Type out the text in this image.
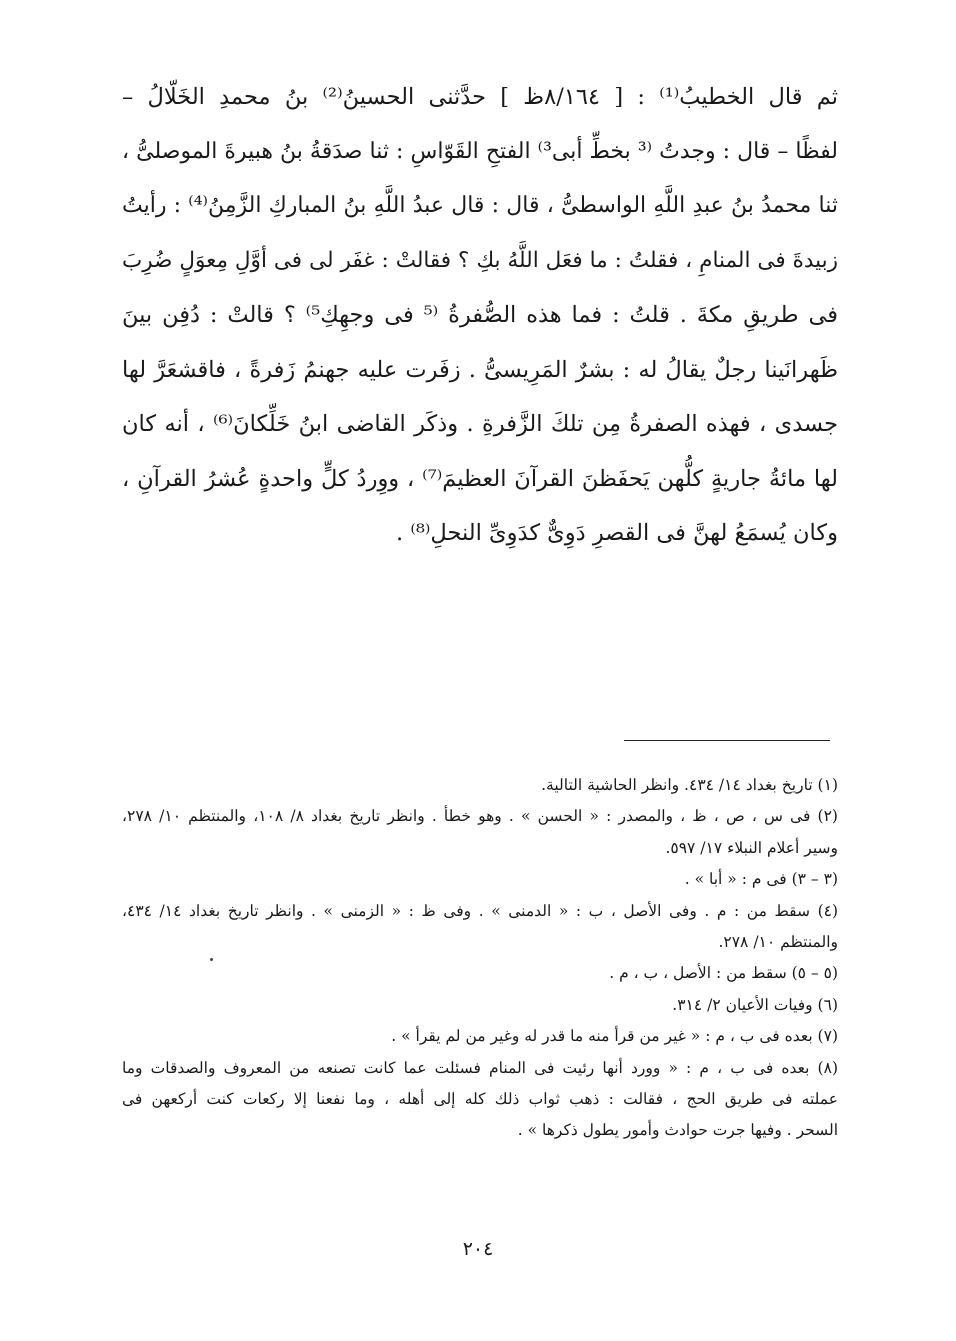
ثم قال الخطيبُ⁽¹⁾ : [ ٨/١٦٤ظ ] حدَّثنى الحسينُ⁽²⁾ بنُ محمدِ الخَلّالُ –
لفظًا – قال : وجدتُ ⁽³ بخطِّ أبى³⁾ الفتحِ القَوّاسِ : ثنا صدَقةُ بنُ هبيرةَ الموصلىُّ ،
ثنا محمدُ بنُ عبدِ اللَّهِ الواسطىُّ ، قال : قال عبدُ اللَّهِ بنُ المباركِ الزَّمِنُ⁽⁴⁾ : رأيتُ
زبيدةَ فى المنامِ ، فقلتُ : ما فعَل اللَّهُ بكِ ؟ فقالتْ : غفَر لى فى أوَّلِ مِعوَلٍ ضُرِبَ
فى طريقِ مكةَ . قلتُ : فما هذه الصُّفرةُ ⁽⁵ فى وجهِكِ⁵⁾ ؟ قالتْ : دُفِن بينَ
ظَهرانَينا رجلٌ يقالُ له : بشرٌ المَرِيسىُّ . زفَرت عليه جهنمُ زَفرةً ، فاقشعَرَّ لها
جسدى ، فهذه الصفرةُ مِن تلكَ الزَّفرةِ . وذكَر القاضى ابنُ خَلِّكانَ⁽⁶⁾ ، أنه كان
لها مائةُ جاريةٍ كلُّهن يَحفَظنَ القرآنَ العظيمَ⁽⁷⁾ ، ووِردُ كلٍّ واحدةٍ عُشرُ القرآنِ ،
وكان يُسمَعُ لهنَّ فى القصرِ دَوِىٌّ كدَوِىِّ النحلِ⁽⁸⁾ .
(١) تاريخ بغداد ١٤/ ٤٣٤. وانظر الحاشية التالية.
(٢) فى س ، ص ، ظ ، والمصدر : « الحسن » . وهو خطأ . وانظر تاريخ بغداد ٨/ ١٠٨، والمنتظم ١٠/ ٢٧٨،
وسير أعلام النبلاء ١٧/ ٥٩٧.
(٣ – ٣) فى م : « أبا » .
(٤) سقط من : م . وفى الأصل ، ب : « الدمنى » . وفى ظ : « الزمنى » . وانظر تاريخ بغداد ١٤/ ٤٣٤،
والمنتظم ١٠/ ٢٧٨.
(٥ – ٥) سقط من : الأصل ، ب ، م .
(٦) وفيات الأعيان ٢/ ٣١٤.
(٧) بعده فى ب ، م : « غير من قرأ منه ما قدر له وغير من لم يقرأ » .
(٨) بعده فى ب ، م : « وورد أنها رئيت فى المنام فسئلت عما كانت تصنعه من المعروف والصدقات وما
عملته فى طريق الحج ، فقالت : ذهب ثواب ذلك كله إلى أهله ، وما نفعنا إلا ركعات كنت أركعهن فى
السحر . وفيها جرت حوادث وأمور يطول ذكرها » .
٢٠٤
